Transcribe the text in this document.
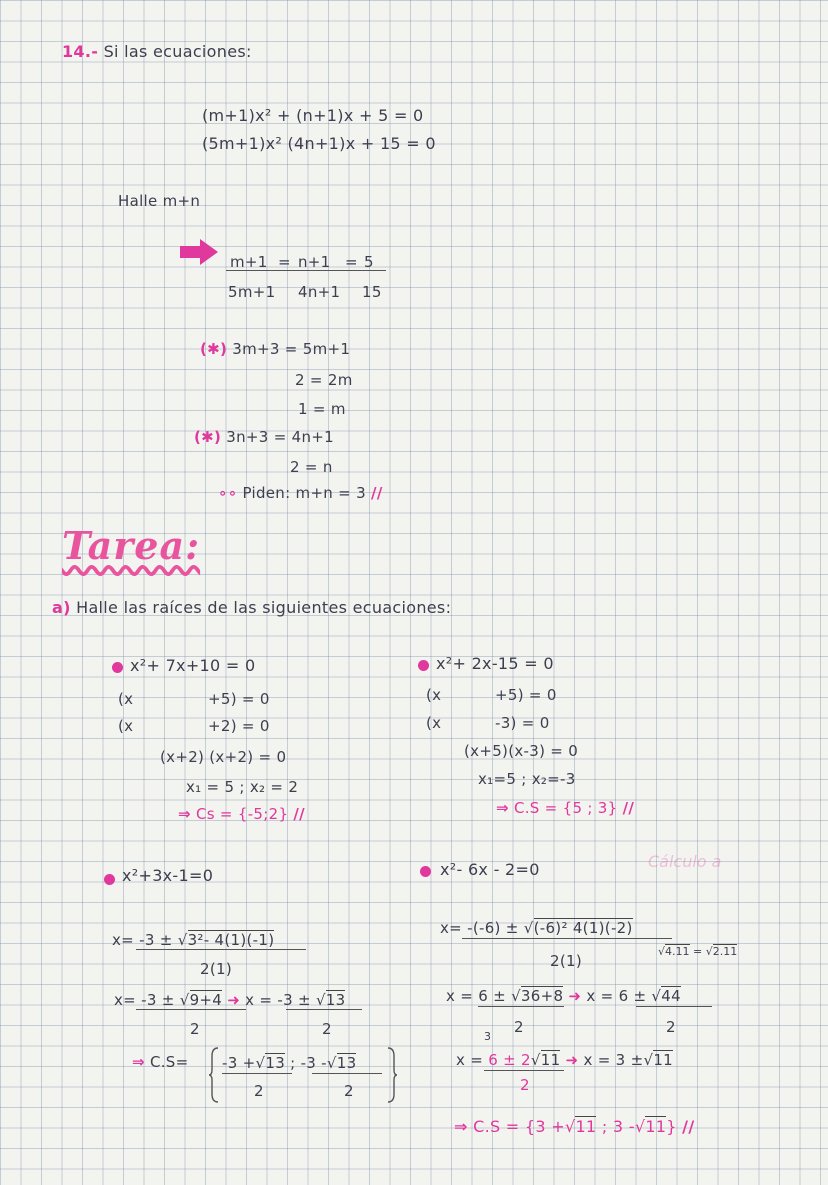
14.- Si las ecuaciones:
(m+1)x² + (n+1)x + 5 = 0
(5m+1)x² (4n+1)x + 15 = 0
Halle m+n
m+1 = n+1 = 5
5m+1 4n+1 15
(✱) 3m+3 = 5m+1
2 = 2m
1 = m
(✱) 3n+3 = 4n+1
2 = n
∘∘ Piden: m+n = 3 //
Tarea:
a) Halle las raíces de las siguientes ecuaciones:
x²+ 7x+10 = 0
(x	+5) = 0
(x	+2) = 0
(x+2) (x+2) = 0
x₁ = 5 ; x₂ = 2
⇒ Cs = {-5;2} //
x²+ 2x-15 = 0
(x	+5) = 0
(x	-3) = 0
(x+5)(x-3) = 0
x₁=5 ; x₂=-3
⇒ C.S = {5 ; 3} //
Cálculo a
x²+3x-1=0
x= -3 ± √3²- 4(1)(-1)
2(1)
x= -3 ± √9+4 ➜ x = -3 ± √13
2	2
⇒ C.S= -3 +√13 ; -3 -√13
2	2
x²- 6x - 2=0
x= -(-6) ± √(-6)² 4(1)(-2)
2(1)
√4.11 = √2.11
x = 6 ± √36+8 ➜ x = 6 ± √44
2	2
3
x = 6 ± 2√11 ➜ x = 3 ±√11
2
⇒ C.S = {3 +√11 ; 3 -√11} //
